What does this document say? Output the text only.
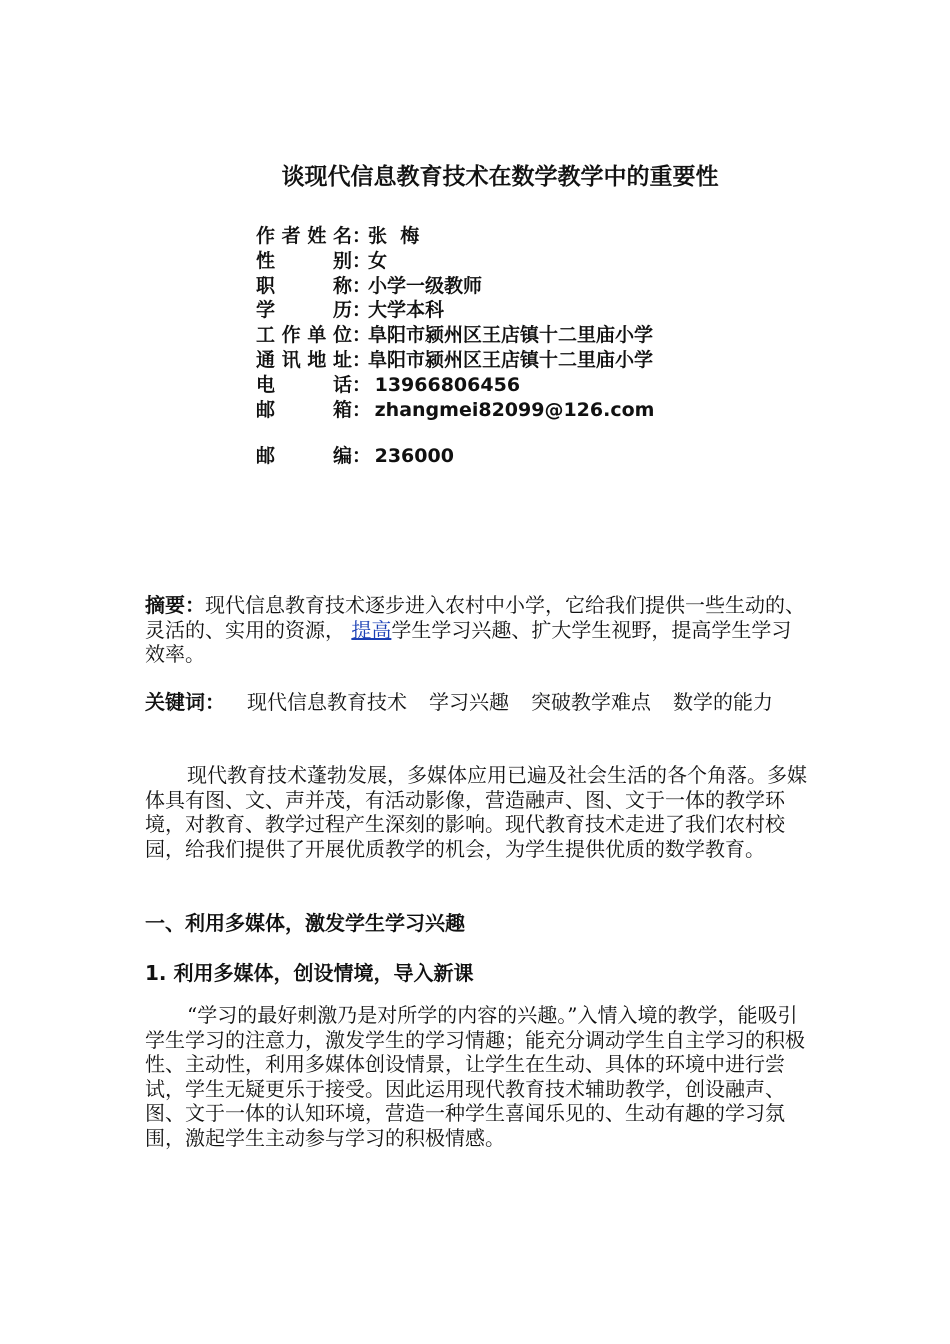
谈现代信息教育技术在数学教学中的重要性
作者姓名 ：
张  梅
性别 ：
女
职称 ：
小学一级教师
学历 ：
大学本科
工作单位 ：
阜阳市颍州区王店镇十二里庙小学
通讯地址 ：
阜阳市颍州区王店镇十二里庙小学
电话 ：
13966806456
邮箱 ：
zhangmei82099@126.com
邮编 ：
236000
摘要：现代信息教育技术逐步进入农村中小学，它给我们提供一些生动的、灵活的、实用的资源， 提高学生学习兴趣、扩大学生视野，提高学生学习效率。
关键词： 现代信息教育技术 学习兴趣 突破教学难点 数学的能力
现代教育技术蓬勃发展，多媒体应用已遍及社会生活的各个角落。多媒体具有图、文、声并茂，有活动影像，营造融声、图、文于一体的教学环境，对教育、教学过程产生深刻的影响。现代教育技术走进了我们农村校园，给我们提供了开展优质教学的机会，为学生提供优质的数学教育。
一、利用多媒体，激发学生学习兴趣
1. 利用多媒体，创设情境，导入新课
“学习的最好刺激乃是对所学的内容的兴趣。”入情入境的教学，能吸引学生学习的注意力，激发学生的学习情趣；能充分调动学生自主学习的积极性、主动性，利用多媒体创设情景，让学生在生动、具体的环境中进行尝试，学生无疑更乐于接受。因此运用现代教育技术辅助教学，创设融声、图、文于一体的认知环境，营造一种学生喜闻乐见的、生动有趣的学习氛围，激起学生主动参与学习的积极情感。
